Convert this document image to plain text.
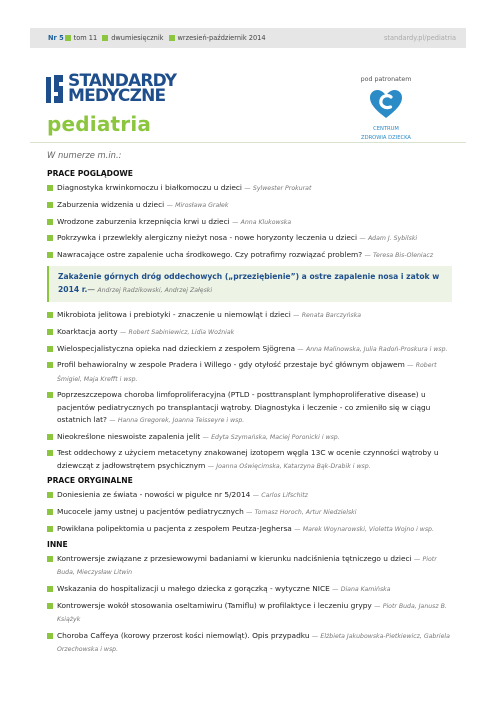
Nr 5 tom 11 dwumiesięcznik wrzesień-październik 2014	standardy.pl/pediatria
STANDARDY
MEDYCZNE
pediatria
pod patronatem
CENTRUM
ZDROWIA DZIECKA
W numerze m.in.:
PRACE POGLĄDOWE
Diagnostyka krwinkomoczu i białkomoczu u dzieci — Sylwester Prokurat
Zaburzenia widzenia u dzieci — Mirosława Grałek
Wrodzone zaburzenia krzepnięcia krwi u dzieci — Anna Klukowska
Pokrzywka i przewlekły alergiczny nieżyt nosa - nowe horyzonty leczenia u dzieci — Adam J. Sybilski
Nawracające ostre zapalenie ucha środkowego. Czy potrafimy rozwiązać problem? — Teresa Bis-Oleniacz
Zakażenie górnych dróg oddechowych („przeziębienie”) a ostre zapalenie nosa i zatok w 2014 r.— Andrzej Radzikowski, Andrzej Załęski
Mikrobiota jelitowa i prebiotyki - znaczenie u niemowląt i dzieci — Renata Barczyńska
Koarktacja aorty — Robert Sabiniewicz, Lidia Woźniak
Wielospecjalistyczna opieka nad dzieckiem z zespołem Sjögrena — Anna Malinowska, Julia Radoń-Proskura i wsp.
Profil behawioralny w zespole Pradera i Willego - gdy otyłość przestaje być głównym objawem — Robert Śmigiel, Maja Krefft i wsp.
Poprzeszczepowa choroba limfoproliferacyjna (PTLD - posttransplant lymphoproliferative disease) u pacjentów pediatrycznych po transplantacji wątroby. Diagnostyka i leczenie - co zmieniło się w ciągu ostatnich lat? — Hanna Gregorek, Joanna Teisseyre i wsp.
Nieokreślone nieswoiste zapalenia jelit — Edyta Szymańska, Maciej Poronicki i wsp.
Test oddechowy z użyciem metacetyny znakowanej izotopem węgla 13C w ocenie czynności wątroby u dziewcząt z jadłowstrętem psychicznym — Joanna Oświęcimska, Katarzyna Bąk-Drabik i wsp.
PRACE ORYGINALNE
Doniesienia ze świata - nowości w pigułce nr 5/2014 — Carlos Lifschitz
Mucocele jamy ustnej u pacjentów pediatrycznych — Tomasz Horoch, Artur Niedzielski
Powikłana polipektomia u pacjenta z zespołem Peutza-Jeghersa — Marek Woynarowski, Violetta Wojno i wsp.
INNE
Kontrowersje związane z przesiewowymi badaniami w kierunku nadciśnienia tętniczego u dzieci — Piotr Buda, Mieczysław Litwin
Wskazania do hospitalizacji u małego dziecka z gorączką - wytyczne NICE — Diana Kamińska
Kontrowersje wokół stosowania oseltamiwiru (Tamiflu) w profilaktyce i leczeniu grypy — Piotr Buda, Janusz B. Książyk
Choroba Caffeya (korowy przerost kości niemowląt). Opis przypadku — Elżbieta Jakubowska-Pietkiewicz, Gabriela Orzechowska i wsp.
